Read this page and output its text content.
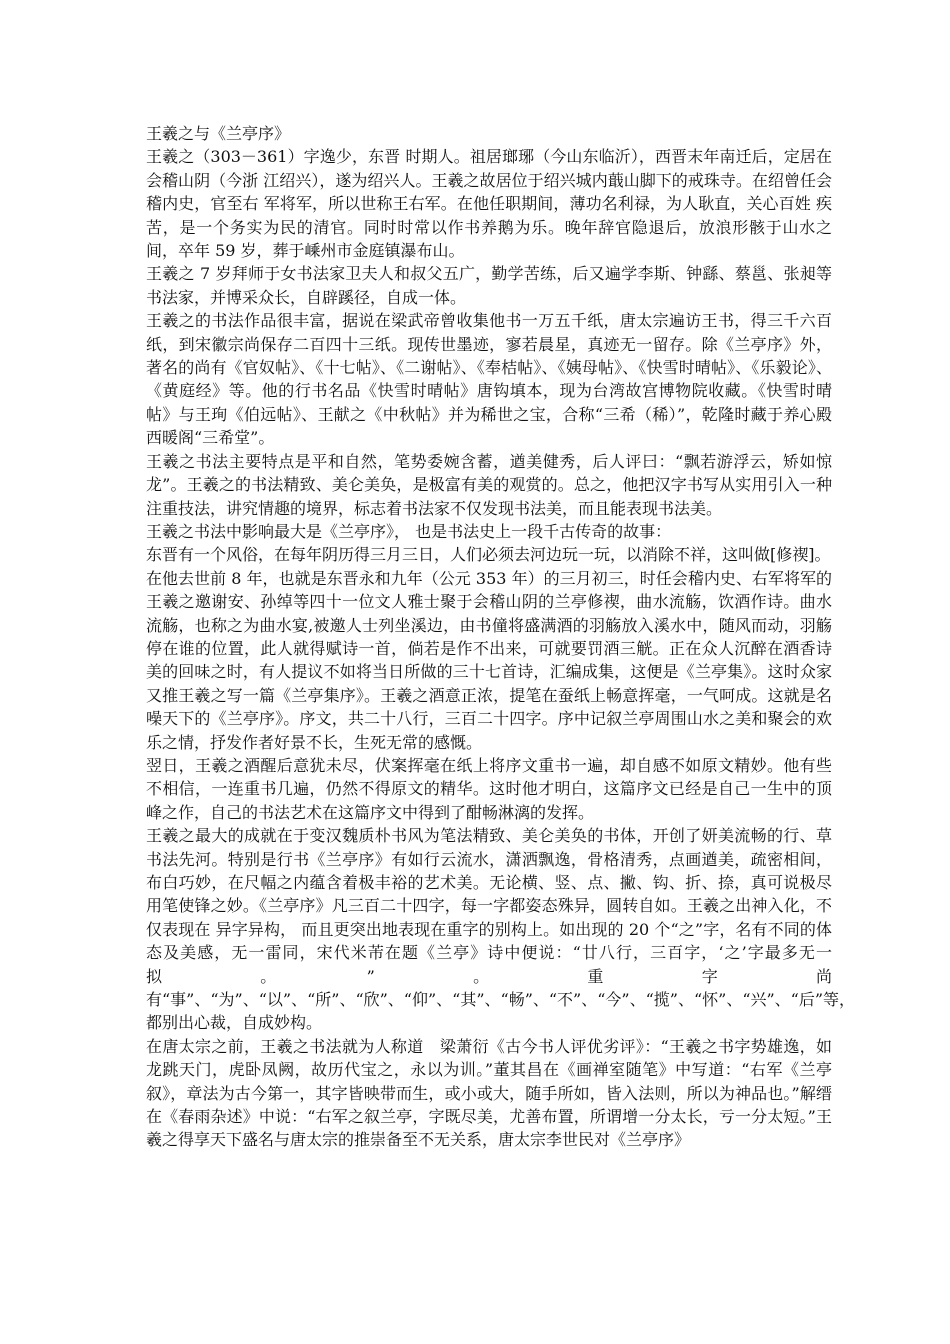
王羲之与《兰亭序》

王羲之（303－361）字逸少，东晋 时期人。祖居瑯琊（今山东临沂），西晋末年南迁后，定居在会稽山阴（今浙 江绍兴），遂为绍兴人。王羲之故居位于绍兴城内蕺山脚下的戒珠寺。在绍曾任会稽内史，官至右 军将军，所以世称王右军。在他任职期间，薄功名利禄，为人耿直，关心百姓 疾苦，是一个务实为民的清官。同时时常以作书养鹅为乐。晚年辞官隐退后，放浪形骸于山水之间，卒年 59 岁，葬于嵊州市金庭镇瀑布山。

王羲之 7 岁拜师于女书法家卫夫人和叔父五广，勤学苦练，后又遍学李斯、钟繇、蔡邕、张昶等书法家，并博采众长，自辟蹊径，自成一体。

王羲之的书法作品很丰富，据说在梁武帝曾收集他书一万五千纸，唐太宗遍访王书，得三千六百纸，到宋徽宗尚保存二百四十三纸。现传世墨迹，寥若晨星，真迹无一留存。除《兰亭序》外，著名的尚有《官奴帖》、《十七帖》、《二谢帖》、《奉桔帖》、《姨母帖》、《快雪时晴帖》、《乐毅论》、《黄庭经》等。他的行书名品《快雪时晴帖》唐钩填本，现为台湾故宫博物院收藏。《快雪时晴帖》与王珣《伯远帖》、王献之《中秋帖》并为稀世之宝，合称“三希（稀）”，乾隆时藏于养心殿西暖阁“三希堂”。

王羲之书法主要特点是平和自然，笔势委婉含蓄，遒美健秀，后人评曰：“飘若游浮云，矫如惊龙”。王羲之的书法精致、美仑美奂，是极富有美的观赏的。总之，他把汉字书写从实用引入一种注重技法，讲究情趣的境界，标志着书法家不仅发现书法美，而且能表现书法美。

王羲之书法中影响最大是《兰亭序》， 也是书法史上一段千古传奇的故事：

东晋有一个风俗，在每年阴历得三月三日，人们必须去河边玩一玩，以消除不祥，这叫做[修禊]。

在他去世前 8 年，也就是东晋永和九年（公元 353 年）的三月初三，时任会稽内史、右军将军的王羲之邀谢安、孙绰等四十一位文人雅士聚于会稽山阴的兰亭修禊，曲水流觞，饮酒作诗。曲水流觞，也称之为曲水宴,被邀人士列坐溪边，由书僮将盛满酒的羽觞放入溪水中，随风而动，羽觞停在谁的位置，此人就得赋诗一首，倘若是作不出来，可就要罚酒三觥。正在众人沉醉在酒香诗美的回味之时，有人提议不如将当日所做的三十七首诗，汇编成集，这便是《兰亭集》。这时众家又推王羲之写一篇《兰亭集序》。王羲之酒意正浓，提笔在蚕纸上畅意挥毫，一气呵成。这就是名噪天下的《兰亭序》。序文，共二十八行，三百二十四字。序中记叙兰亭周围山水之美和聚会的欢乐之情，抒发作者好景不长，生死无常的感慨。

翌日，王羲之酒醒后意犹未尽，伏案挥毫在纸上将序文重书一遍，却自感不如原文精妙。他有些不相信，一连重书几遍，仍然不得原文的精华。这时他才明白，这篇序文已经是自己一生中的顶峰之作，自己的书法艺术在这篇序文中得到了酣畅淋漓的发挥。

王羲之最大的成就在于变汉魏质朴书风为笔法精致、美仑美奂的书体，开创了妍美流畅的行、草书法先河。特别是行书《兰亭序》有如行云流水，潇洒飘逸，骨格清秀，点画遒美，疏密相间，布白巧妙，在尺幅之内蕴含着极丰裕的艺术美。无论横、竖、点、撇、钩、折、捺，真可说极尽用笔使锋之妙。《兰亭序》凡三百二十四字，每一字都姿态殊异，圆转自如。王羲之出神入化，不仅表现在 异字异构， 而且更突出地表现在重字的别构上。如出现的 20 个“之”字，名有不同的体态及美感，无一雷同，宋代米芾在题《兰亭》诗中便说：“廿八行，三百字，‘之’字最多无一拟。”。重字尚有“事”、“为”、“以”、“所”、“欣”、“仰”、“其”、“畅”、“不”、“今”、“揽”、“怀”、“兴”、“后”等，都别出心裁，自成妙构。

在唐太宗之前，王羲之书法就为人称道　梁萧衍《古今书人评优劣评》：“王羲之书字势雄逸，如龙跳天门，虎卧凤阙，故历代宝之，永以为训。”董其昌在《画禅室随笔》中写道：“右军《兰亭叙》，章法为古今第一，其字皆映带而生，或小或大，随手所如，皆入法则，所以为神品也。”解缙在《春雨杂述》中说：“右军之叙兰亭，字既尽美，尤善布置，所谓增一分太长，亏一分太短。”王羲之得享天下盛名与唐太宗的推崇备至不无关系，唐太宗李世民对《兰亭序》
